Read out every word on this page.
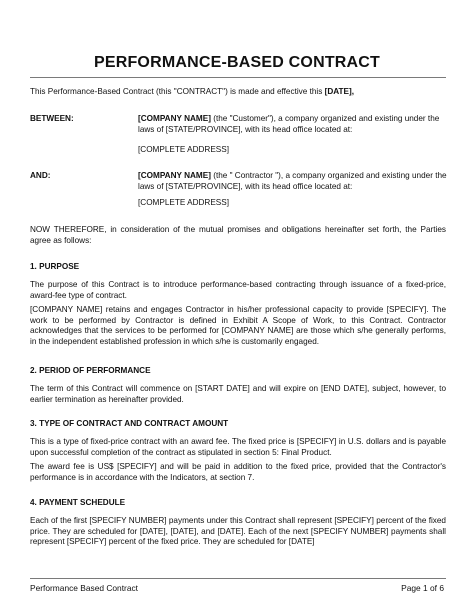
PERFORMANCE-BASED CONTRACT

This Performance-Based Contract (this "CONTRACT") is made and effective this [DATE],

BETWEEN:	[COMPANY NAME] (the "Customer"), a company organized and existing under the laws of [STATE/PROVINCE], with its head office located at:

[COMPLETE ADDRESS]
AND:	[COMPANY NAME] (the " Contractor "), a company organized and existing under the laws of [STATE/PROVINCE], with its head office located at:

[COMPLETE ADDRESS]

NOW THEREFORE, in consideration of the mutual promises and obligations hereinafter set forth, the Parties agree as follows:

1. PURPOSE

The purpose of this Contract is to introduce performance-based contracting through issuance of a fixed-price, award-fee type of contract.

[COMPANY NAME] retains and engages Contractor in his/her professional capacity to provide [SPECIFY]. The work to be performed by Contractor is defined in Exhibit A Scope of Work, to this Contract. Contractor acknowledges that the services to be performed for [COMPANY NAME] are those which s/he generally performs, in the independent established profession in which s/he is customarily engaged.

2. PERIOD OF PERFORMANCE

The term of this Contract will commence on [START DATE] and will expire on [END DATE], subject, however, to earlier termination as hereinafter provided.

3. TYPE OF CONTRACT AND CONTRACT AMOUNT

This is a type of fixed-price contract with an award fee. The fixed price is [SPECIFY] in U.S. dollars and is payable upon successful completion of the contract as stipulated in section 5: Final Product.

The award fee is US$ [SPECIFY] and will be paid in addition to the fixed price, provided that the Contractor's performance is in accordance with the Indicators, at section 7.

4. PAYMENT SCHEDULE

Each of the first [SPECIFY NUMBER] payments under this Contract shall represent [SPECIFY] percent of the fixed price. They are scheduled for [DATE], [DATE], and [DATE]. Each of the next [SPECIFY NUMBER] payments shall represent [SPECIFY] percent of the fixed price. They are scheduled for [DATE]

Performance Based Contract	Page 1 of 6
